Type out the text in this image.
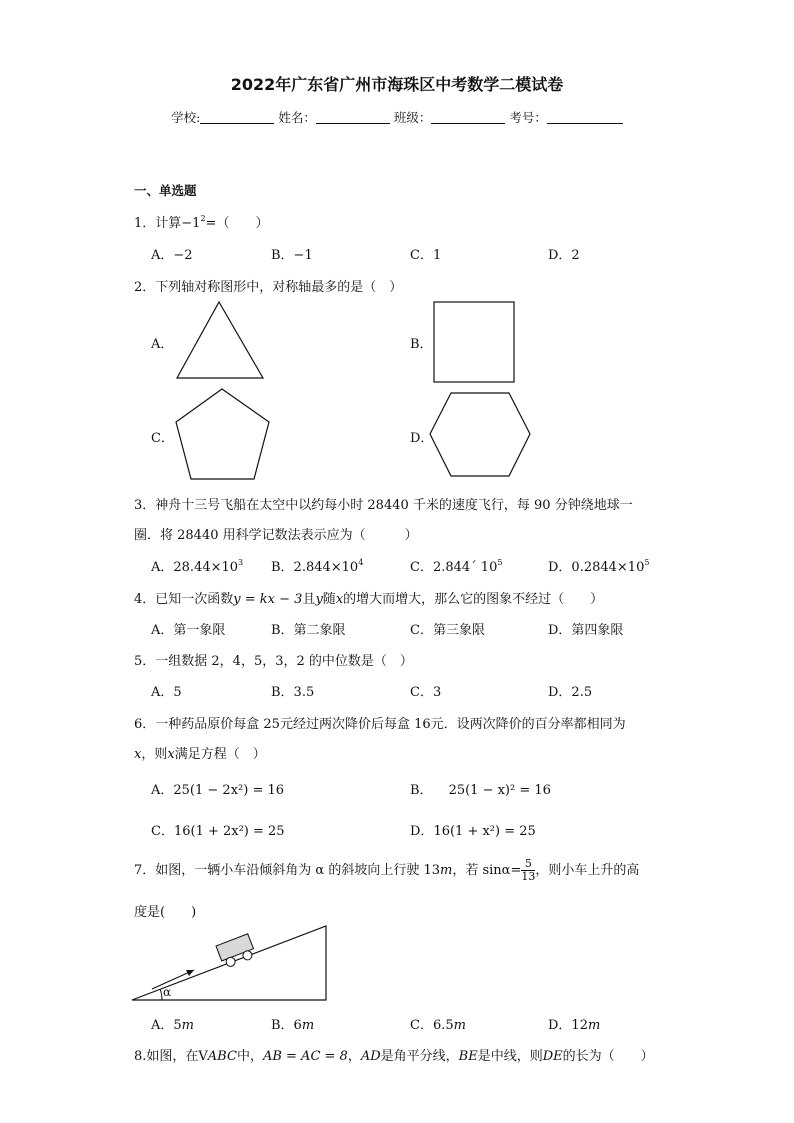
2022年广东省广州市海珠区中考数学二模试卷
学校:	姓名：	班级：	考号：
一、单选题
1．计算$-1^2=$（　　）
A．−2	B．−1	C．1	D．2
2．下列轴对称图形中，对称轴最多的是（　）
A．	B．
C．	D．
3．神舟十三号飞船在太空中以约每小时 28440 千米的速度飞行，每 90 分钟绕地球一
圈．将 28440 用科学记数法表示应为（　　　）
A．$28.44\times 10^3$ B．$2.844\times 10^4$	C．2.844´ $10^5$	D．$0.2844\times 10^5$
4．已知一次函数y = kx − 3且y随x的增大而增大，那么它的图象不经过（　　）
A．第一象限	B．第二象限	C．第三象限	D．第四象限
5．一组数据 2，4，5，3，2 的中位数是（　）
A．5	B．3.5	C．3	D．2.5
6．一种药品原价每盒 25元经过两次降价后每盒 16元．设两次降价的百分率都相同为
x，则x满足方程（　）
A．25(1 − 2x²) = 16	B． 25(1 − x)² = 16
C．16(1 + 2x²) = 25	D．16(1 + x²) = 25
7．如图，一辆小车沿倾斜角为 α 的斜坡向上行驶 13m，若 $\sin\alpha= \frac{5}{13}$ ，则小车上升的高
度是(　　)
α
A．5m	B．6m	C．6.5m	D．12m
8.如图，在VABC中，AB = AC = 8，AD是角平分线，BE是中线，则DE的长为（　　）
